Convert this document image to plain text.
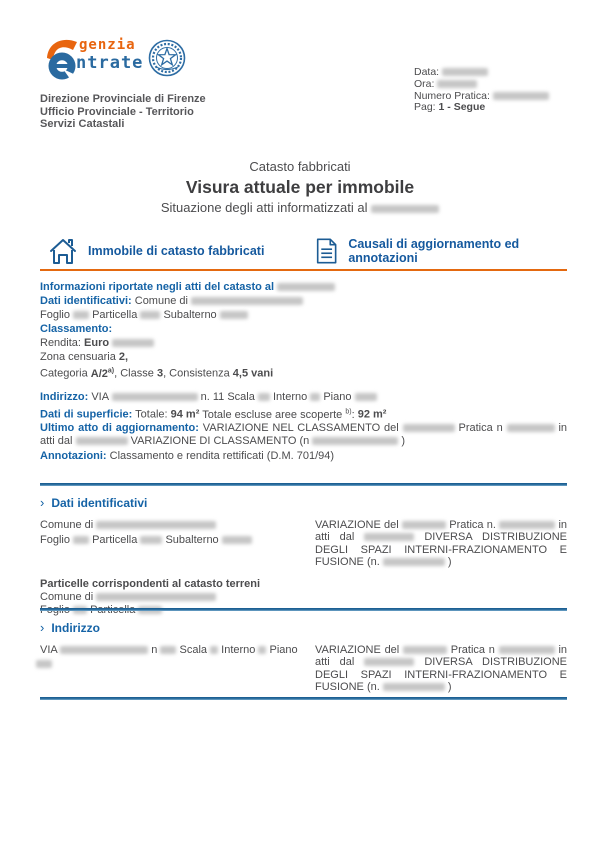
genzia
ntrate
Direzione Provinciale di Firenze
Ufficio Provinciale - Territorio
Servizi Catastali
Data:
Ora:
Numero Pratica:
Pag: 1 - Segue

Catasto fabbricati

Visura attuale per immobile

Situazione degli atti informatizzati al

Immobile di catasto fabbricati	Causali di aggiornamento ed annotazioni

Informazioni riportate negli atti del catasto al

Dati identificativi: Comune di

Foglio Particella Subalterno

Classamento:

Rendita: Euro

Zona censuaria 2,

Categoria A/2$^{a)}$, Classe 3, Consistenza 4,5 vani

Indirizzo: VIA	n. 11 Scala Interno Piano

Dati di superficie: Totale: 94 m² Totale escluse aree scoperte $^{b)}$: 92 m²

Ultimo atto di aggiornamento: VARIAZIONE NEL CLASSAMENTO del	Pratica n	in atti dal	VARIAZIONE DI CLASSAMENTO (n	)

Annotazioni: Classamento e rendita rettificati (D.M. 701/94)

› Dati identificativi

Comune di

Foglio Particella	Subalterno

VARIAZIONE del	Pratica n.	in atti dal	DIVERSA DISTRIBUZIONE DEGLI SPAZI INTERNI-FRAZIONAMENTO E FUSIONE (n.	)

Particelle corrispondenti al catasto terreni

Comune di

› Indirizzo

VIA	n Scala Interno Piano	VARIAZIONE del	Pratica n	in atti dal	DIVERSA DISTRIBUZIONE DEGLI SPAZI INTERNI-FRAZIONAMENTO E FUSIONE (n.	)
